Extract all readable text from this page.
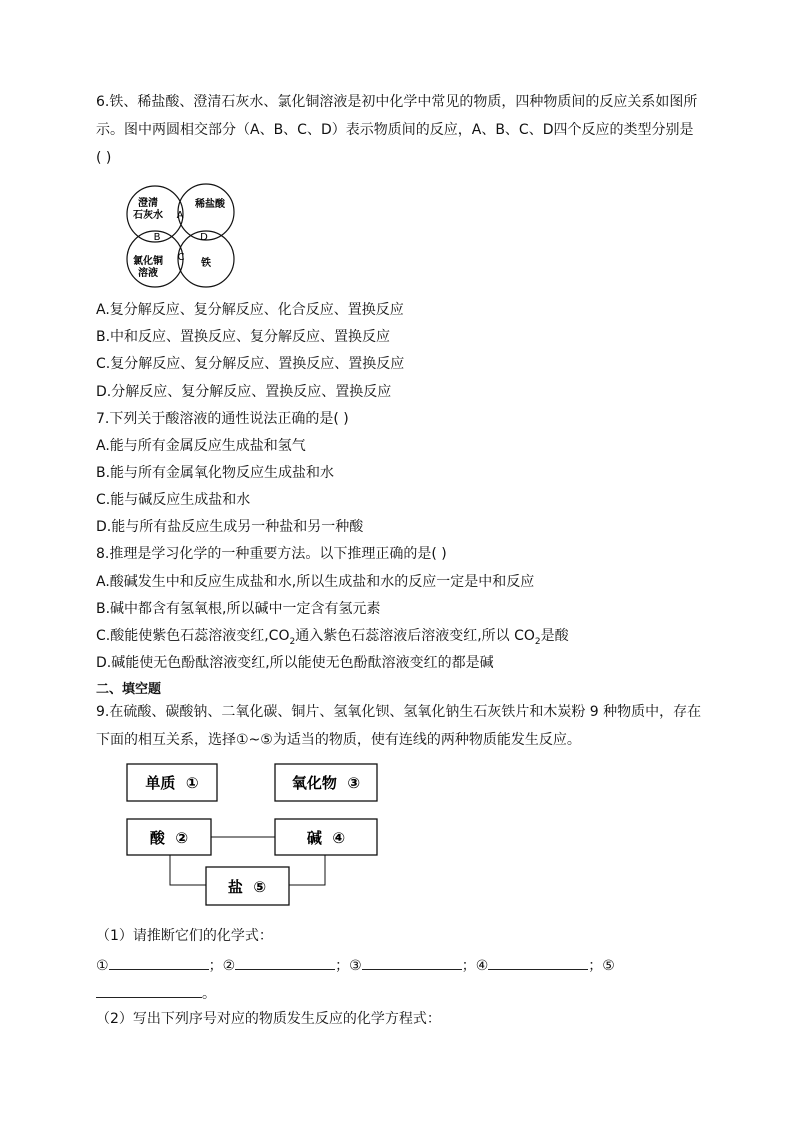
6.铁、稀盐酸、澄清石灰水、氯化铜溶液是初中化学中常见的物质，四种物质间的反应关系如图所
示。图中两圆相交部分（A、B、C、D）表示物质间的反应，A、B、C、D四个反应的类型分别是
( )
澄清
石灰水
稀盐酸
氯化铜
溶液
铁
A
B
C
D
A.复分解反应、复分解反应、化合反应、置换反应
B.中和反应、置换反应、复分解反应、置换反应
C.复分解反应、复分解反应、置换反应、置换反应
D.分解反应、复分解反应、置换反应、置换反应
7.下列关于酸溶液的通性说法正确的是( )
A.能与所有金属反应生成盐和氢气
B.能与所有金属氧化物反应生成盐和水
C.能与碱反应生成盐和水
D.能与所有盐反应生成另一种盐和另一种酸
8.推理是学习化学的一种重要方法。以下推理正确的是( )
A.酸碱发生中和反应生成盐和水,所以生成盐和水的反应一定是中和反应
B.碱中都含有氢氧根,所以碱中一定含有氢元素
C.酸能使紫色石蕊溶液变红$,CO_2$通入紫色石蕊溶液后溶液变红,所以 $CO_2$是酸
D.碱能使无色酚酞溶液变红,所以能使无色酚酞溶液变红的都是碱
二、填空题
9.在硫酸、碳酸钠、二氧化碳、铜片、氢氧化钡、氢氧化钠生石灰铁片和木炭粉 9 种物质中，存在
下面的相互关系，选择①~⑤为适当的物质，使有连线的两种物质能发生反应。
单质  ①	氧化物  ③
酸  ②	碱  ④
盐  ⑤
（1）请推断它们的化学式：
①	；②	；③	；④	；⑤
。
（2）写出下列序号对应的物质发生反应的化学方程式：
